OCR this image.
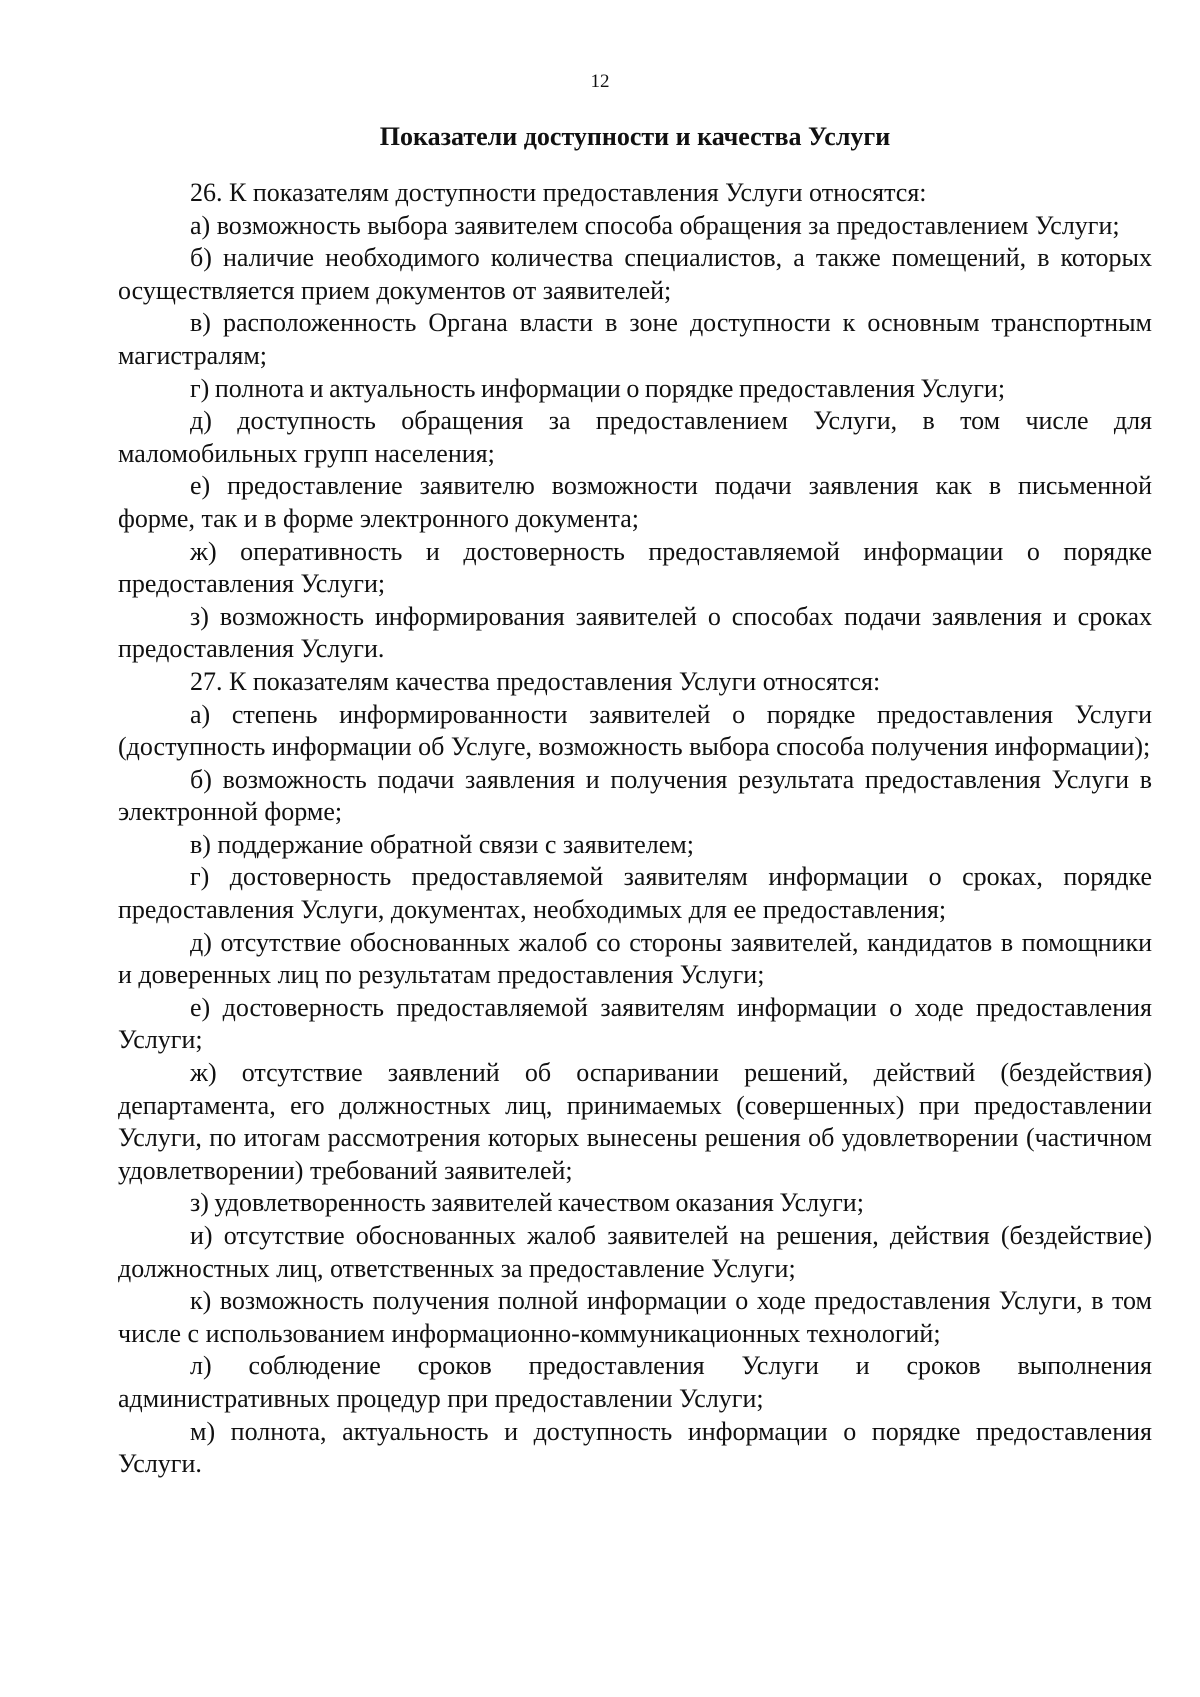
12
Показатели доступности и качества Услуги

26. К показателям доступности предоставления Услуги относятся:

а) возможность выбора заявителем способа обращения за предоставлением Услуги;

б) наличие необходимого количества специалистов, а также помещений, в которых осуществляется прием документов от заявителей;

в) расположенность Органа власти в зоне доступности к основным транспортным магистралям;

г) полнота и актуальность информации о порядке предоставления Услуги;

д) доступность обращения за предоставлением Услуги, в том числе для маломобильных групп населения;

е) предоставление заявителю возможности подачи заявления как в письменной форме, так и в форме электронного документа;

ж) оперативность и достоверность предоставляемой информации о порядке предоставления Услуги;

з) возможность информирования заявителей о способах подачи заявления и сроках предоставления Услуги.

27. К показателям качества предоставления Услуги относятся:

а) степень информированности заявителей о порядке предоставления Услуги (доступность информации об Услуге, возможность выбора способа получения информации);

б) возможность подачи заявления и получения результата предоставления Услуги в электронной форме;

в) поддержание обратной связи с заявителем;

г) достоверность предоставляемой заявителям информации о сроках, порядке предоставления Услуги, документах, необходимых для ее предоставления;

д) отсутствие обоснованных жалоб со стороны заявителей, кандидатов в помощники и доверенных лиц по результатам предоставления Услуги;

е) достоверность предоставляемой заявителям информации о ходе предоставления Услуги;

ж) отсутствие заявлений об оспаривании решений, действий (бездействия) департамента, его должностных лиц, принимаемых (совершенных) при предоставлении Услуги, по итогам рассмотрения которых вынесены решения об удовлетворении (частичном удовлетворении) требований заявителей;

з) удовлетворенность заявителей качеством оказания Услуги;

и) отсутствие обоснованных жалоб заявителей на решения, действия (бездействие) должностных лиц, ответственных за предоставление Услуги;

к) возможность получения полной информации о ходе предоставления Услуги, в том числе с использованием информационно-коммуникационных технологий;

л) соблюдение сроков предоставления Услуги и сроков выполнения административных процедур при предоставлении Услуги;

м) полнота, актуальность и доступность информации о порядке предоставления Услуги.
